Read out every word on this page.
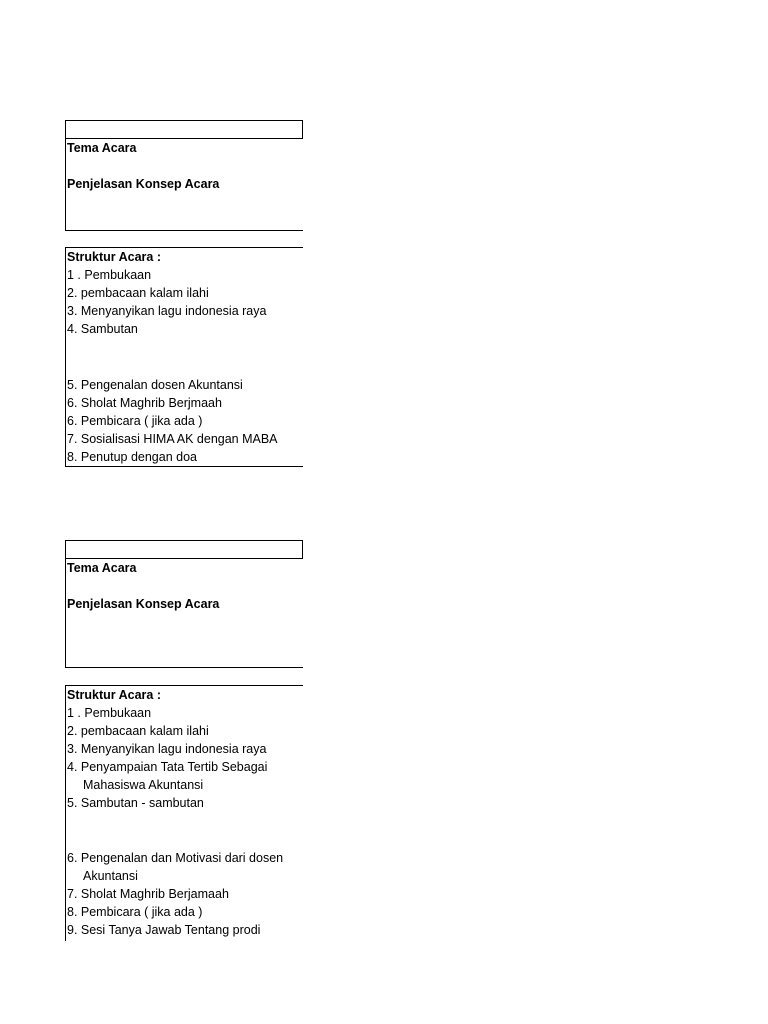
Tema Acara
Penjelasan Konsep Acara
Struktur Acara :
1 . Pembukaan
2. pembacaan kalam ilahi
3. Menyanyikan lagu indonesia raya
4. Sambutan
5. Pengenalan dosen Akuntansi
6. Sholat Maghrib Berjmaah
6. Pembicara ( jika ada )
7. Sosialisasi HIMA AK dengan MABA
8. Penutup dengan doa
Tema Acara
Penjelasan Konsep Acara
Struktur Acara :
1 . Pembukaan
2. pembacaan kalam ilahi
3. Menyanyikan lagu indonesia raya
4. Penyampaian Tata Tertib Sebagai
Mahasiswa Akuntansi
5. Sambutan - sambutan
6. Pengenalan dan Motivasi dari dosen
Akuntansi
7. Sholat Maghrib Berjamaah
8. Pembicara ( jika ada )
9. Sesi Tanya Jawab Tentang prodi
